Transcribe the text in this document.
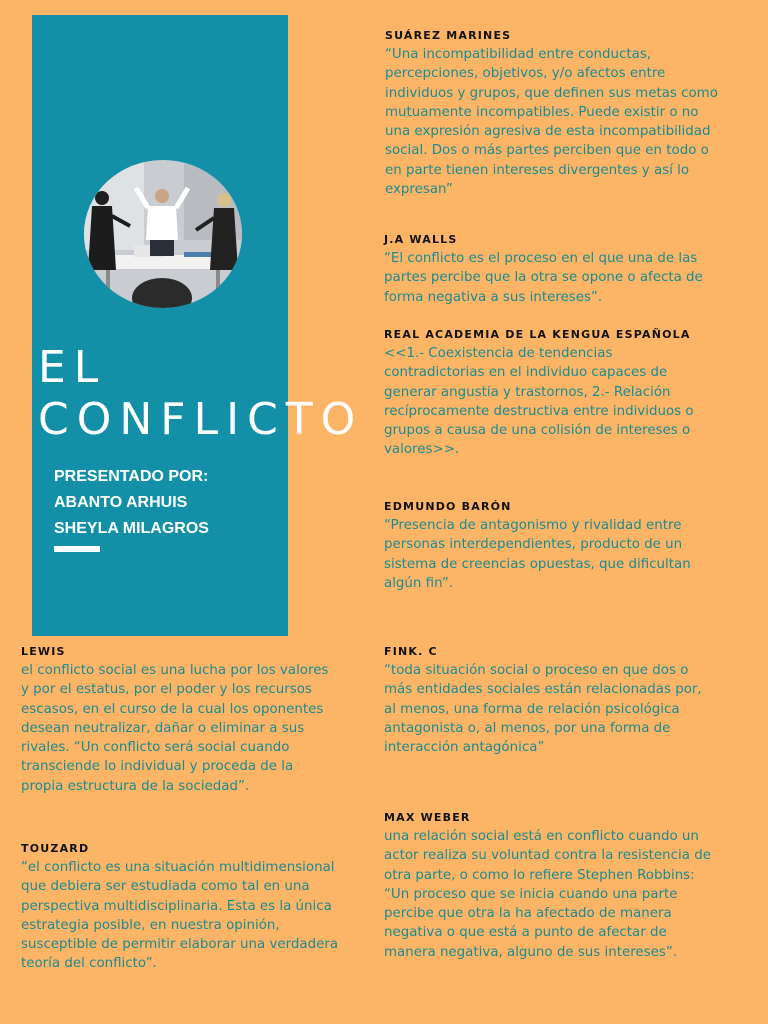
EL
CONFLICTO
PRESENTADO POR:
ABANTO ARHUIS
SHEYLA MILAGROS
SUÁREZ MARINES
“Una incompatibilidad entre conductas, percepciones, objetivos, y/o afectos entre individuos y grupos, que definen sus metas como mutuamente incompatibles. Puede existir o no una expresión agresiva de esta incompatibilidad social. Dos o más partes perciben que en todo o en parte tienen intereses divergentes y así lo expresan”
J.A WALLS
“El conflicto es el proceso en el que una de las partes percibe que la otra se opone o afecta de forma negativa a sus intereses”.
REAL ACADEMIA DE LA KENGUA ESPAÑOLA
<<1.- Coexistencia de tendencias contradictorias en el individuo capaces de generar angustia y trastornos, 2.- Relación recíprocamente destructiva entre individuos o grupos a causa de una colisión de intereses o valores>>.
EDMUNDO BARÓN
“Presencia de antagonismo y rivalidad entre personas interdependientes, producto de un sistema de creencias opuestas, que dificultan algún fin”.
LEWIS
el conflicto social es una lucha por los valores y por el estatus, por el poder y los recursos escasos, en el curso de la cual los oponentes desean neutralizar, dañar o eliminar a sus rivales. “Un conflicto será social cuando transciende lo individual y proceda de la propia estructura de la sociedad”.
FINK. C
“toda situación social o proceso en que dos o más entidades sociales están relacionadas por, al menos, una forma de relación psicológica antagonista o, al menos, por una forma de interacción antagónica”
TOUZARD
“el conflicto es una situación multidimensional que debiera ser estudiada como tal en una perspectiva multidisciplinaria. Esta es la única estrategia posible, en nuestra opinión, susceptible de permitir elaborar una verdadera teoría del conflicto”.
MAX WEBER
una relación social está en conflicto cuando un actor realiza su voluntad contra la resistencia de otra parte, o como lo refiere Stephen Robbins: “Un proceso que se inicia cuando una parte percibe que otra la ha afectado de manera negativa o que está a punto de afectar de manera negativa, alguno de sus intereses”.
